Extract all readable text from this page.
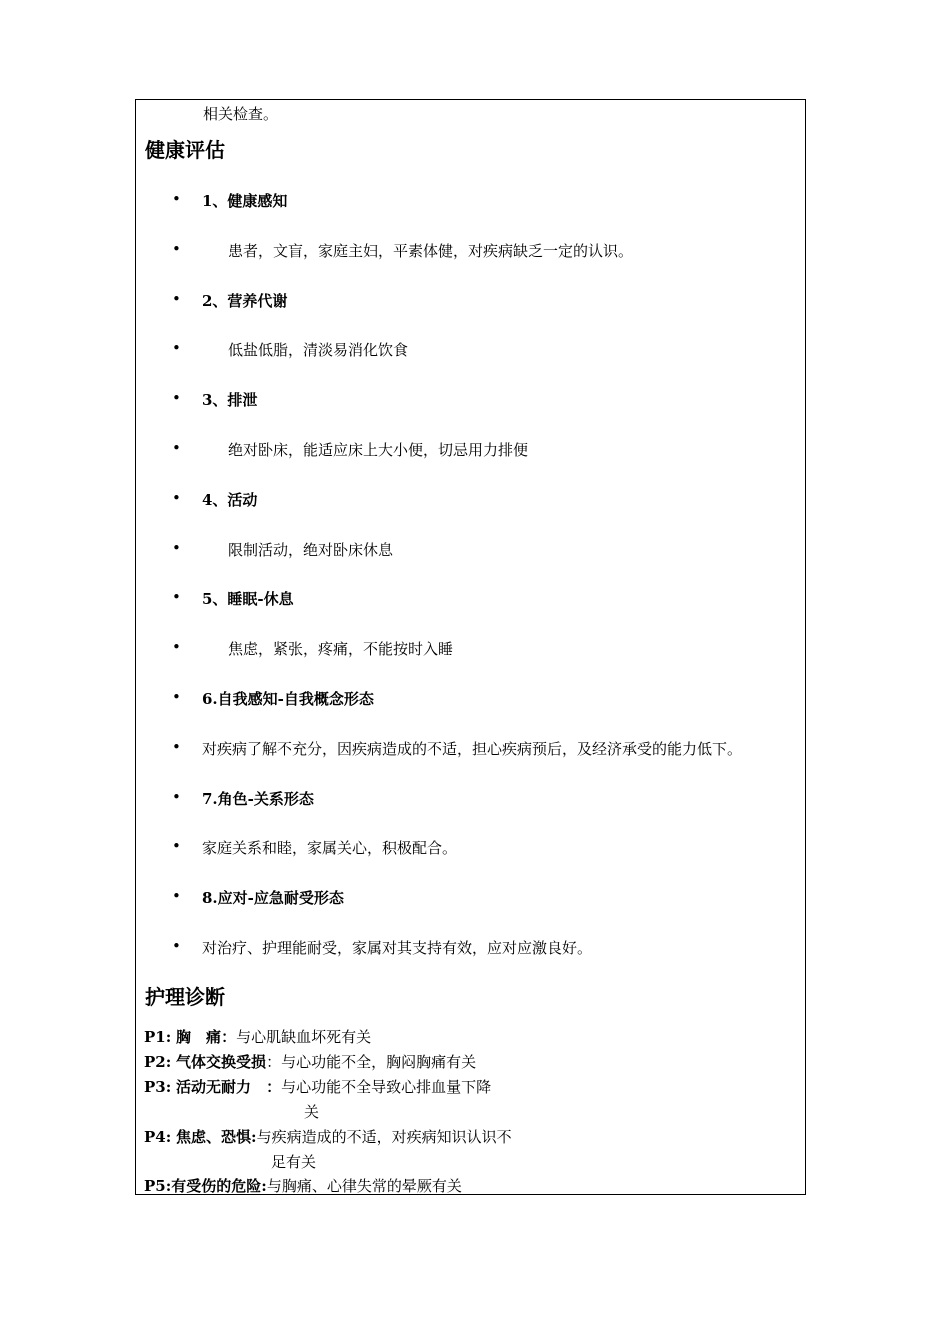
相关检查。
健康评估
• 1、健康感知
•	患者，文盲，家庭主妇，平素体健，对疾病缺乏一定的认识。
• 2、营养代谢
•	低盐低脂，清淡易消化饮食
• 3、排泄
•	绝对卧床，能适应床上大小便，切忌用力排便
• 4、活动
•	限制活动，绝对卧床休息
• 5、睡眠-休息
•	焦虑，紧张，疼痛，不能按时入睡
• 6.自我感知-自我概念形态
• 对疾病了解不充分，因疾病造成的不适，担心疾病预后，及经济承受的能力低下。
• 7.角色-关系形态
• 家庭关系和睦，家属关心，积极配合。
• 8.应对-应急耐受形态
• 对治疗、护理能耐受，家属对其支持有效，应对应激良好。
护理诊断
P1: 胸　痛：与心肌缺血坏死有关
P2: 气体交换受损：与心功能不全，胸闷胸痛有关
P3: 活动无耐力　：与心功能不全导致心排血量下降
关
P4: 焦虑、恐惧:与疾病造成的不适，对疾病知识认识不
足有关
P5:有受伤的危险:与胸痛、心律失常的晕厥有关
